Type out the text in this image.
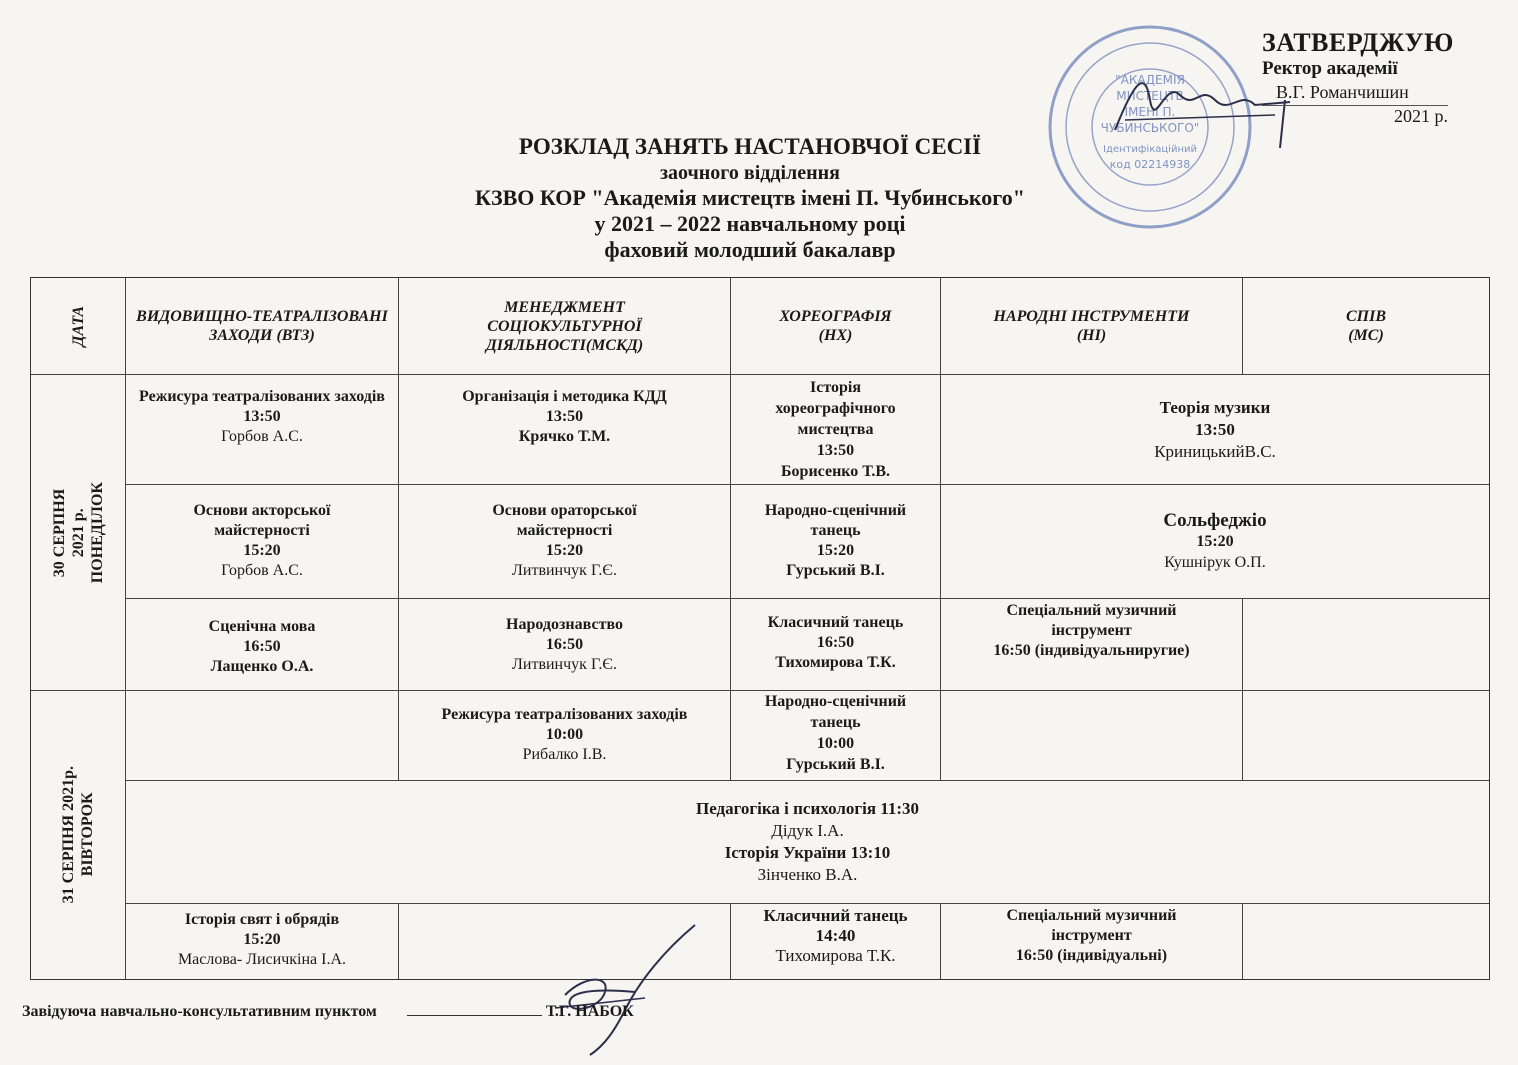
"АКАДЕМІЯ
МИСТЕЦТВ
ІМЕНІ П.
ЧУБИНСЬКОГО"
Ідентифікаційний
код 02214938
ЗАТВЕРДЖУЮ
Ректор академії
В.Г. Романчишин
2021 р.
РОЗКЛАД ЗАНЯТЬ НАСТАНОВЧОЇ СЕСІЇ
заочного відділення
КЗВО КОР "Академія мистецтв імені П. Чубинського"
у 2021 – 2022 навчальному році
фаховий молодший бакалавр
ДАТА	ВИДОВИЩНО-ТЕАТРАЛІЗОВАНІ ЗАХОДИ (ВТЗ)
МЕНЕДЖМЕНТ СОЦІОКУЛЬТУРНОЇ ДІЯЛЬНОСТІ(МСКД)
ХОРЕОГРАФІЯ
(НХ)
НАРОДНІ ІНСТРУМЕНТИ
(НІ)
СПІВ
(МС)
30 СЕРПНЯ 2021 р. ПОНЕДІЛОК
Режисура театралізованих заходів
13:50
Горбов А.С.
Організація і методика КДД
13:50
Крячко Т.М.
Історія хореографічного мистецтва
13:50
Борисенко Т.В.
Теорія музики
13:50
КриницькийВ.С.
Основи акторської майстерності
15:20
Горбов А.С.
Основи ораторської майстерності
15:20
Литвинчук Г.Є.
Народно-сценічний танець
15:20
Гурський В.І.
Сольфеджіо
15:20
Кушнірук О.П.
Сценічна мова
16:50
Лащенко О.А.
Народознавство
16:50
Литвинчук Г.Є.
Класичний танець
16:50
Тихомирова Т.К.
Спеціальний музичний інструмент
16:50 (індивідуальниругие)
31 СЕРПНЯ 2021р. ВІВТОРОК
Режисура театралізованих заходів
10:00
Рибалко І.В.
Народно-сценічний танець
10:00
Гурський В.І.
Педагогіка і психологія 11:30
Дідук І.А.
Історія України 13:10
Зінченко В.А.
Історія свят і обрядів
15:20
Маслова- Лисичкіна І.А.
Класичний танець
14:40
Тихомирова Т.К.
Спеціальний музичний інструмент
16:50 (індивідуальні)
Завідуюча навчально-консультативним пунктом	Т.Г. НАБОК
